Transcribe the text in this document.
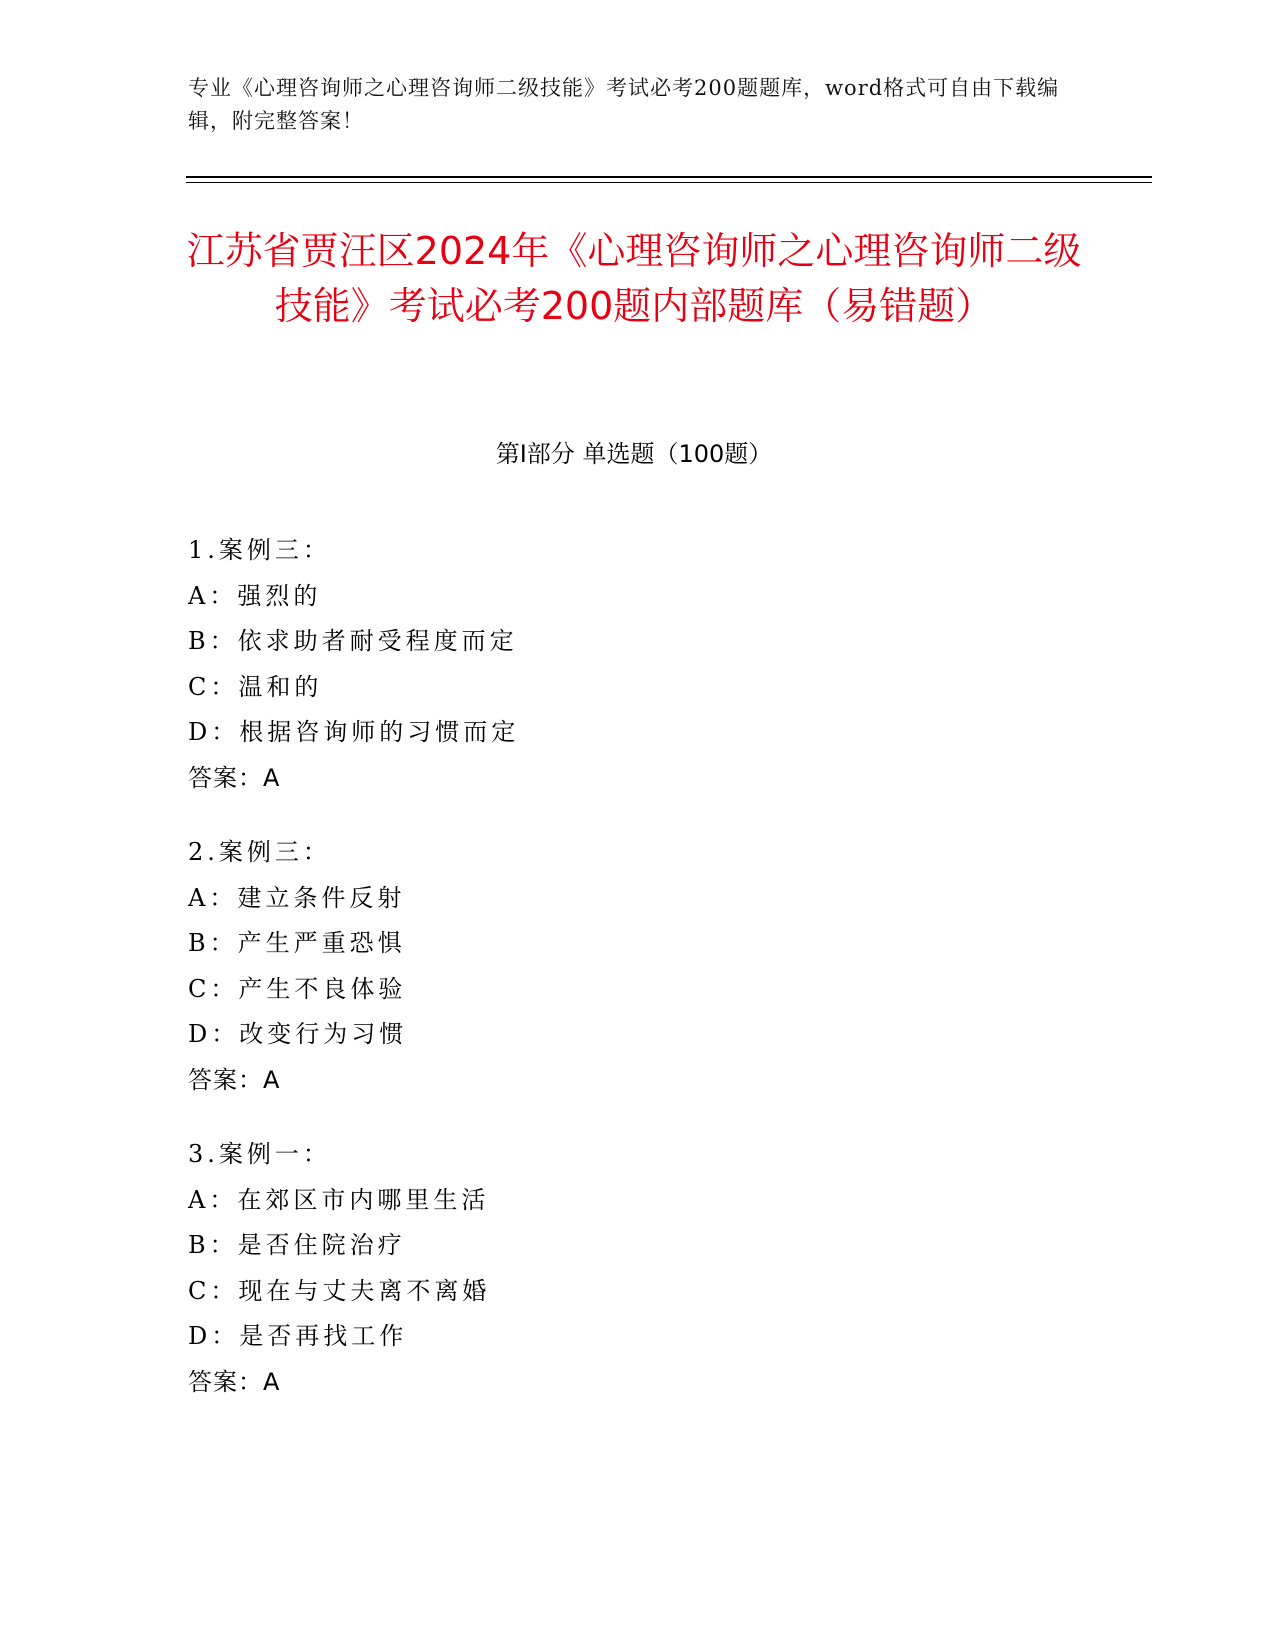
专业《心理咨询师之心理咨询师二级技能》考试必考200题题库，word格式可自由下载编辑，附完整答案！
江苏省贾汪区2024年《心理咨询师之心理咨询师二级技能》考试必考200题内部题库（易错题）
第I部分 单选题（100题）
1.案例三：
A：强烈的
B：依求助者耐受程度而定
C：温和的
D：根据咨询师的习惯而定
答案：A
2.案例三：
A：建立条件反射
B：产生严重恐惧
C：产生不良体验
D：改变行为习惯
答案：A
3.案例一：
A：在郊区市内哪里生活
B：是否住院治疗
C：现在与丈夫离不离婚
D：是否再找工作
答案：A
